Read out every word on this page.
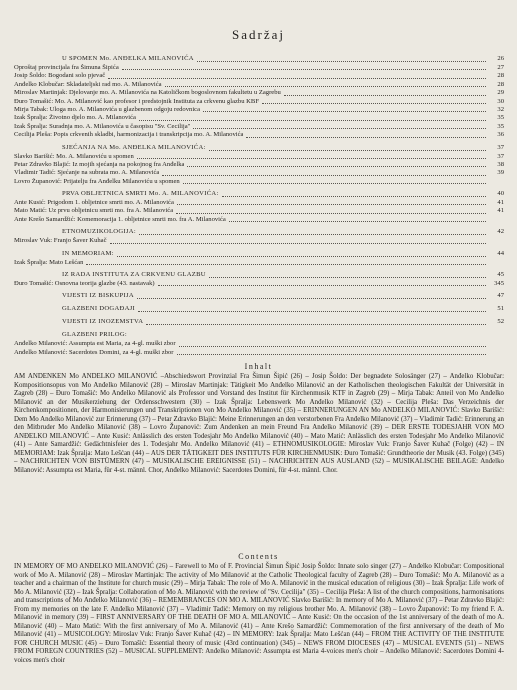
Sadržaj
U SPOMEN Mo. ANĐELKA MILANOVIĆA	26
Oproštaj provincijala fra Šimuna Šipića	27
Josip Šoldo: Bogodani solo pjevač	28
Anđelko Klobučar: Skladateljski rad mo. A. Milanovića	28
Miroslav Martinjak: Djelovanje mo. A. Milanovića na Katoličkom bogoslovnom fakultetu u Zagrebu	29
Đuro Tomašić: Mo. A. Milanović kao profesor i predstojnik Instituta za crkvenu glazbu KBF	30
Mirja Tabak: Uloga mo. A. Milanovića u glazbenom odgoju redovnica	32
Izak Špralja: Životno djelo mo. A. Milanovića	35
Izak Špralja: Suradnja mo. A. Milanovića u časopisu "Sv. Cecilija"	35
Cecilija Pleša: Popis crkvenih skladbi, harmonizacija i transkripcija mo. A. Milanovića	36
SJEĆANJA NA Mo. ANĐELKA MILANOVIĆA:	37
Slavko Barišić: Mo. A. Milanoviću u spomen	37
Petar Zdravko Blajić: Iz mojih sjećanja na pokojnog fra Anđelka	38
Vladimir Tadić: Sjećanje na subrata mo. A. Milanovića	39
Lovro Županović: Prijatelju fra Anđelku Milanoviću u spomen
PRVA OBLJETNICA SMRTI Mo. A. MILANOVIĆA:	40
Ante Kusić: Prigodom 1. obljetnice smrti mo. A. Milanovića	41
Mato Matić: Uz prvu obljetnicu smrti mo. fra A. Milanovića	41
Ante Krešo Samardžić: Komemoracija 1. obljetnice smrti mo. fra A. Milanovića
ETNOMUZIKOLOGIJA:	42
Miroslav Vuk: Franjo Šaver Kuhač
IN MEMORIAM:	44
Izak Špralja: Mato Lešćan
IZ RADA INSTITUTA ZA CRKVENU GLAZBU	45
Đuro Tomašić: Osnovna teorija glazbe (43. nastavak)	345
VIJESTI IZ BISKUPIJA	47
GLAZBENI DOGAĐAJI	51
VIJESTI IZ INOZEMSTVA	52
GLAZBENI PRILOG:
Anđelko Milanović: Assumpta est Maria, za 4-gl. muški zbor
Anđelko Milanović: Sacerdotes Domini, za 4-gl. muški zbor
Inhalt
AM ANDENKEN Mo ANDELKO MILANOVIĆ –Abschiedswort Provinzial Fra Šimun Šipić (26) – Josip Šoldo: Der begnadete Solosänger (27) – Anđelko Klobučar: Kompositionsopus von Mo Anđelko Milanović (28) – Miroslav Martinjak: Tätigkeit Mo Anđelko Milanović an der Katholischen theologischen Fakultät der Universität in Zagreb (28) – Đuro Tomašić: Mo Anđelko Milanović als Professor und Vorstand des Institut für Kirchenmusik KTF in Zagreb (29) – Mirja Tabak: Anteil von Mo Anđelko Milanović an der Musikerziehung der Ordensschwestern (30) – Izak Špralja: Lebenswerk Mo Anđelko Milanović (32) – Cecilija Pleša: Das Verzeichnis der Kirchenkompositionen, der Harmonisierungen und Transkriptionen von Mo Anđelko Milanović (35) – ERINNERUNGEN AN Mo ANDELKO MILANOVIĆ: Slavko Barišić: Dem Mo Anđelko Milanović zur Erinnerung (37) – Petar Zdravko Blajić: Meine Erinnerungen an den verstorbenen Fra Anđelko Milanović (37) – Vladimir Tadić: Erinnerung an den Mitbruder Mo Anđelko Milanović (38) – Lovro Županović: Zum Andenken an mein Freund Fra Anđelko Milanović (39) – DER ERSTE TODESJAHR VON MO ANĐELKO MILANOVIĆ – Ante Kusić: Anlässlich des ersten Todesjahr Mo Anđelko Milanović (40) – Mato Matić: Anlässlich des ersten Todesjahr Mo Anđelko Milanović (41) – Ante Samardžić: Gedächtnisfeier des 1. Todesjahr Mo. Anđelko Milanović (41) – ETHNOMUSIKOLOGIE: Miroslav Vuk: Franjo Šaver Kuhač (Folge) (42) – IN MEMORIAM: Izak Špralja: Mato Lešćan (44) – AUS DER TÄTIGKEIT DES INSTITUTS FÜR KIRCHENMUSIK: Đuro Tomašić: Grundtheorie der Musik (43. Folge) (345) – NACHRICHTEN VON BISTÜMERN (47) – MUSIKALISCHE EREIGNISSE (51) – NACHRICHTEN AUS AUSLAND (52) – MUSIKALISCHE BEILAGE: Anđelko Milanović: Assumpta est Maria, für 4-st. männl. Chor, Anđelko Milanović: Sacerdotes Domini, für 4-st. männl. Chor.
Contents
IN MEMORY OF MO ANĐELKO MILANOVIĆ (26) – Farewell to Mo of F. Provincial Šimun Šipić Josip Šoldo: Innate solo singer (27) – Anđelko Klobučar: Compositional work of Mo A. Milanović (28) – Miroslav Martinjak: The activity of Mo Milanović at the Catholic Theological faculty of Zagreb (28) – Đuro Tomašić: Mo A. Milanović as a teacher and a chairman of the Institute for church music (29) – Mirja Tabak: The role of Mo A. Milanović in the musical education of religious (30) – Izak Špralja: Life work of Mo A. Milanović (32) – Izak Špralja: Collaboration of Mo A. Milanović with the review of "Sv. Cecilija" (35) – Cecilija Pleša: A list of the church compositions, harmonisations and transcriptions of Mo Anđelko Milanović (36) – REMEMBRANCES ON MO A. MILANOVIĆ Slavko Barišić: In memory of Mo A. Milanović (37) – Petar Zdravko Blajić: From my memories on the late F. Anđelko Milanović (37) – Vladimir Tadić: Memory on my religious brother Mo. A. Milanović (38) – Lovro Županović: To my friend F. A. Milanović in memory (39) – FIRST ANNIVERSARY OF THE DEATH OF MO A. MILANOVIĆ – Ante Kusić: On the occasion of the 1st anniversary of the death of mo A. Milanović (40) – Mato Matić: With the first anniversary of Mo A. Milanović (41) – Ante Krešo Samardžić: Commemoration of the first anniversary of the death of Mo Milanović (41) – MUSICOLOGY: Miroslav Vuk: Franjo Šaver Kuhač (42) – IN MEMORY: Izak Špralja: Mato Lešćan (44) – FROM THE ACTIVITY OF THE INSTITUTE FOR CHURCH MUSIC (45) – Đuro Tomašić: Essential theory of music (43rd continuation) (345) – NEWS FROM DIOCESES (47) – MUSICAL EVENTS (51) – NEWS FROM FOREGN COUNTRIES (52) – MUSICAL SUPPLEMENT: Anđelko Milanović: Assumpta est Maria 4-voices men's choir – Anđelko Milanović: Sacerdotes Domini 4-voices men's choir
